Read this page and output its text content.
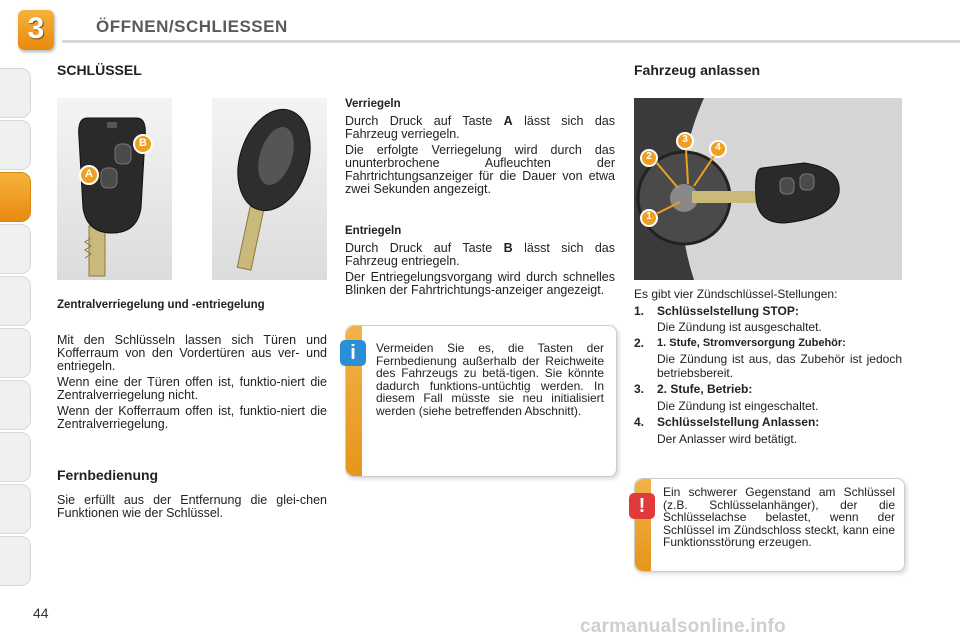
3	ÖFFNEN/SCHLIESSEN
SCHLÜSSEL
B
A
Zentralverriegelung und -entriegelung
Mit den Schlüsseln lassen sich Türen und Kofferraum von den Vordertüren aus ver- und entriegeln.
Wenn eine der Türen offen ist, funktio-niert die Zentralverriegelung nicht.
Wenn der Kofferraum offen ist, funktio-niert die Zentralverriegelung.
Fernbedienung
Sie erfüllt aus der Entfernung die glei-chen Funktionen wie der Schlüssel.
Verriegeln
Durch Druck auf Taste A lässt sich das Fahrzeug verriegeln.
Die erfolgte Verriegelung wird durch das ununterbrochene Aufleuchten der Fahrtrichtungsanzeiger für die Dauer von etwa zwei Sekunden angezeigt.
Entriegeln
Durch Druck auf Taste B lässt sich das Fahrzeug entriegeln.
Der Entriegelungsvorgang wird durch schnelles Blinken der Fahrtrichtungs-anzeiger angezeigt.
i	Vermeiden Sie es, die Tasten der Fernbedienung außerhalb der Reichweite des Fahrzeugs zu betä-tigen. Sie könnte dadurch funktions-untüchtig werden. In diesem Fall müsste sie neu initialisiert werden (siehe betreffenden Abschnitt).
Fahrzeug anlassen
1
2
3
4
Es gibt vier Zündschlüssel-Stellungen:
1. Schlüsselstellung STOP:
Die Zündung ist ausgeschaltet.
2. 1. Stufe, Stromversorgung Zubehör:
Die Zündung ist aus, das Zubehör ist jedoch betriebsbereit.
3. 2. Stufe, Betrieb:
Die Zündung ist eingeschaltet.
4. Schlüsselstellung Anlassen:
Der Anlasser wird betätigt.
!
Ein schwerer Gegenstand am Schlüssel (z.B. Schlüsselanhänger), der die Schlüsselachse belastet, wenn der Schlüssel im Zündschloss steckt, kann eine Funktionsstörung erzeugen.
44
carmanualsonline.info
